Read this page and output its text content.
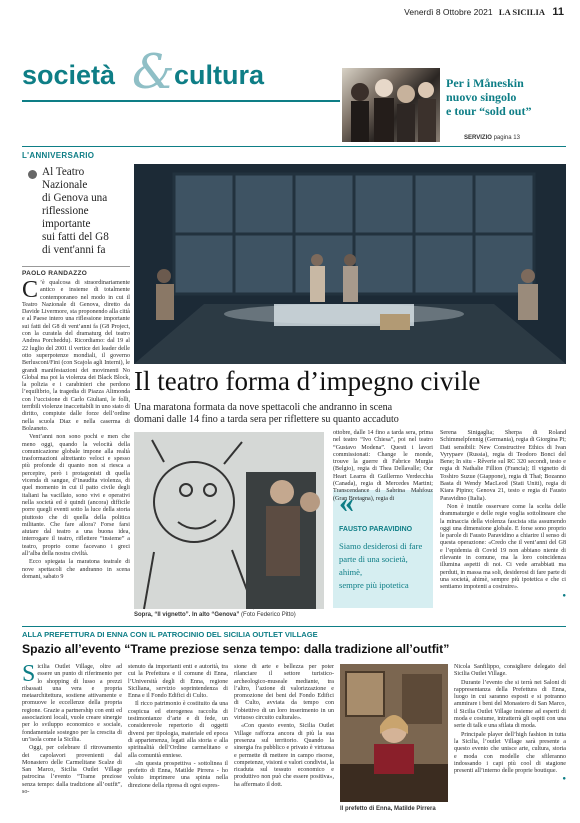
Venerdì 8 Ottobre 2021 LA SICILIA 11
società & cultura	Per i Måneskin
nuovo singolo
e tour “sold out”
SERVIZIO pagina 13
L'ANNIVERSARIO
Al Teatro
Nazionale
di Genova una
riflessione
importante
sui fatti del G8
di vent'anni fa
PAOLO RANDAZZO
Il teatro forma d’impegno civile
Una maratona formata da nove spettacoli che andranno in scena
domani dalle 14 fino a tarda sera per riflettere su quanto accaduto

C ’è qualcosa di straordinariamente antico e insieme di totalmente contemporaneo nel modo in cui il Teatro Nazionale di Genova, diretto da Davide Livermore, sta proponendo alla città e al Paese intero una riflessione importante sui fatti del G8 di vent’anni fa (G8 Project, con la curatela del dramaturg del teatro Andrea Porcheddu). Ricordiamo: dal 19 al 22 luglio del 2001 il vertice dei leader delle otto superpotenze mondiali, il governo Berlusconi/Fini (con Scajola agli Interni), le grandi manifestazioni dei movimenti No Global ma poi la violenza dei Black Block, la polizia e i carabinieri che perdono l’equilibrio, la tragedia di Piazza Alimonda con l’uccisione di Carlo Giuliani, le folli, terribili violenze inaccettabili in uno stato di diritto, compiute dalle forze dell’ordine nella scuola Diaz e nella caserma di Bolzaneto.

Vent’anni non sono pochi e men che meno oggi, quando la velocità della comunicazione globale impone alla realtà trasformazioni altrettanto veloci e spesso più profonde di quanto non si riesca a percepire, però i protagonisti di quella vicenda di sangue, d’inaudita violenza, di quel momento in cui il patto civile degli italiani ha vacillato, sono vivi e operativi nella società ed è quindi (ancora) difficile porre quegli eventi sotto la luce della storia piuttosto che di quella della politica militante. Che fare allora? Forse farsi aiutare dal teatro a una buona idea, interrogare il teatro, riflettere “insieme” a teatro, proprio come facevano i greci all’alba della nostra civiltà.

Ecco spiegata la maratona teatrale di nove spettacoli che andranno in scena domani, sabato 9

Sopra, “Il vignetto”. In alto “Genova” (Foto Federico Pitto)
«
FAUSTO PARAVIDINO
Siamo desiderosi di fare
parte di una società, ahimè,
sempre più ipotetica

ottobre, dalle 14 fino a tarda sera, prima nel teatro “Ivo Chiesa”, poi nel teatro “Gustavo Modena”. Questi i lavori commissionati: Change le monde, trouve la guerre di Fabrice Murgia (Belgio), regia di Thea Dellavalle; Our Heart Learns di Guillermo Verdecchia (Canada), regia di Mercedes Martini; Transcendance di Sabrina Mahfouz (Gran Bretagna), regia di

Serena Sinigaglia; Sherpa di Roland Schimmelpfennig (Germania), regia di Giorgina Pi; Dati sensibili: New Constructive Ethics di Ivan Vyrypaev (Russia), regia di Teodoro Bonci del Bene; In situ - Rêverie sul RC 320 secondi, testo e regia di Nathalie Fillion (Francia); Il vignetto di Toshiro Suzue (Giappone), regia di Thaï; Bozanno Basta di Wendy MacLeod (Stati Uniti), regia di Kiara Pipino; Genova 21, testo e regia di Fausto Paravidino (Italia).

Non è inutile osservare come la scelta delle drammaturgie e delle regie voglia sottolineare che la minaccia della violenza fascista stia assumendo oggi una dimensione globale. E forse sono proprio le parole di Fausto Paravidino a chiarire il senso di questa operazione: «Credo che il vent’anni del G8 e l’epidemia di Covid 19 non abbiano niente di rilevante in comune, ma la loro coincidenza illumina aspetti di noi. Ci vede arrabbiati ma perduti, in massa ma soli, desiderosi di fare parte di una società, ahimè, sempre più ipotetica e che ci sentiamo impotenti a costruire».

●

ALLA PREFETTURA DI ENNA CON IL PATROCINIO DEL SICILIA OUTLET VILLAGE
Spazio all’evento “Trame preziose senza tempo: dalla tradizione all’outfit”

Sicilia Outlet Village, oltre ad essere un punto di riferimento per lo shopping di lusso a prezzi ribassati una vera e propria metaarchitettura, sostiene attivamente e promuove le eccellenze della propria regione. Grazie a partnership con enti ed associazioni locali, vuole creare sinergie per lo sviluppo economico e sociale, fondamentale sostegno per la crescita di un’isola come la Sicilia.

Oggi, per celebrare il ritrovamento dei capolavori provenienti dal Monastero delle Carmelitane Scalze di San Marco, Sicilia Outlet Village patrocina l’evento “Trame preziose senza tempo: dalla tradizione all’outfit”, so-

stenuto da importanti enti e autorità, tra cui la Prefettura e il comune di Enna, l’Università degli di Enna, regione Siciliana, servizio soprintendenza di Enna e il Fondo Edifici di Culto.

Il ricco patrimonio è costituito da una cospicua ed eterogenea raccolta di testimonianze d’arte e di fede, un considerevole repertorio di oggetti diversi per tipologia, materiale ed epoca di appartenenza, legati alla storia e alla spiritualità dell’Ordine carmelitano e alla comunità enniese.

«In questa prospettiva - sottolinea il prefetto di Enna, Matilde Pirrera - ho voluto imprimere una spinta nella direzione della ripresa di ogni espres-

sione di arte e bellezza per poter rilanciare il settore turistico-archeologico-museale mediante, tra l’altro, l’azione di valorizzazione e promozione dei beni del Fondo Edifici di Culto, avviata da tempo con l’obiettivo di un loro inserimento in un virtuoso circuito culturale».

«Con questo evento, Sicilia Outlet Village rafforza ancora di più la sua presenza sul territorio. Quando la sinergia fra pubblico e privato è virtuosa e permette di mettere in campo risorse, competenze, visioni e valori condivisi, la ricaduta sul tessuto economico e produttivo non può che essere positiva», ha affermato il dott.

Il prefetto di Enna, Matilde Pirrera

Nicola Sanfilippo, consigliere delegato del Sicilia Outlet Village.

Durante l’evento che si terrà nei Saloni di rappresentanza della Prefettura di Enna, luogo in cui saranno esposti e si potranno ammirare i beni del Monastero di San Marco, il Sicilia Outlet Village insieme ad esperti di moda e costume, intratterrà gli ospiti con una serie di talk e una sfilata di moda.

Principale player dell’high fashion in tutta la Sicilia, l’outlet Village sarà presente a questo evento che unisce arte, cultura, storia e moda con modelle che sfileranno indossando i capi più cool di stagione presenti all’interno delle proprie boutique.

●
